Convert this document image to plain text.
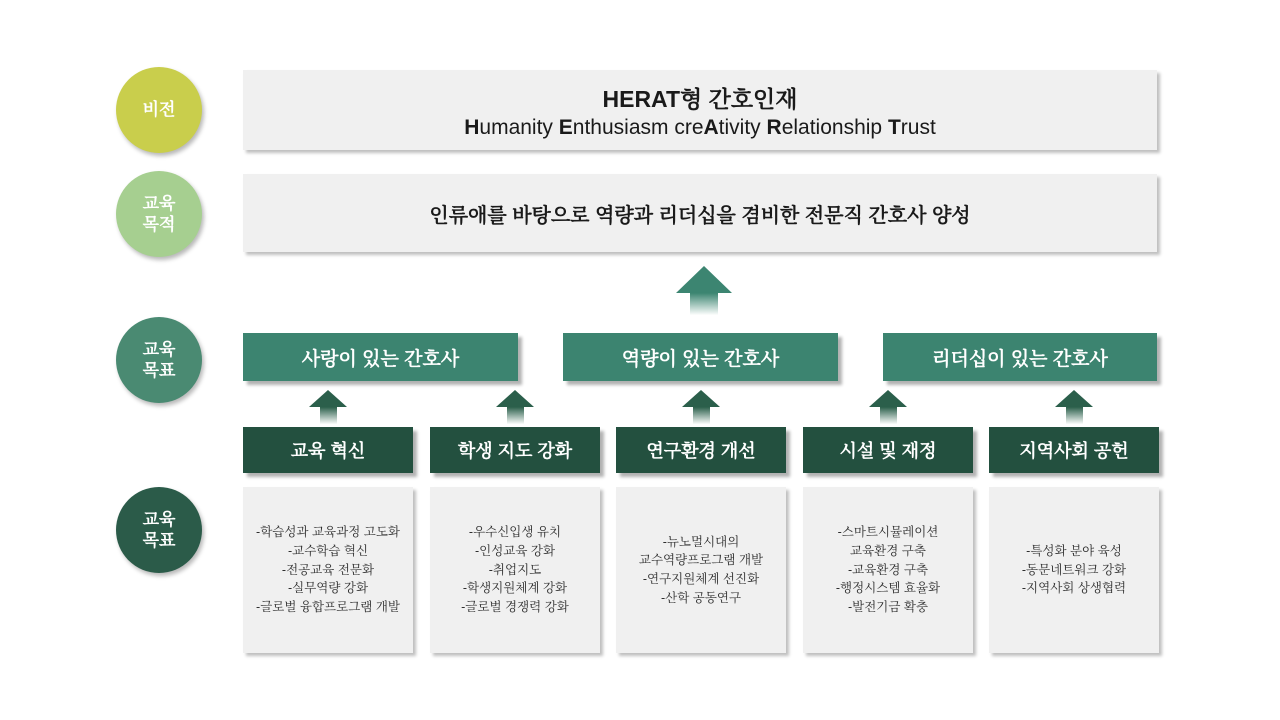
비전
교육
목적
교육
목표
교육
목표
HERAT형 간호인재
Humanity Enthusiasm creAtivity Relationship Trust
인류애를 바탕으로 역량과 리더십을 겸비한 전문직 간호사 양성
사랑이 있는 간호사	역량이 있는 간호사	리더십이 있는 간호사
교육 혁신
-학습성과 교육과정 고도화
-교수학습 혁신
-전공교육 전문화
-실무역량 강화
-글로벌 융합프로그램 개발
학생 지도 강화
-우수신입생 유치
-인성교육 강화
-취업지도
-학생지원체계 강화
-글로벌 경쟁력 강화
연구환경 개선
-뉴노멀시대의
교수역량프로그램 개발
-연구지원체계 선진화
-산학 공동연구
시설 및 재정
-스마트시뮬레이션
교육환경 구축
-교육환경 구축
-행정시스템 효율화
-발전기금 확충
지역사회 공헌
-특성화 분야 육성
-동문네트워크 강화
-지역사회 상생협력
